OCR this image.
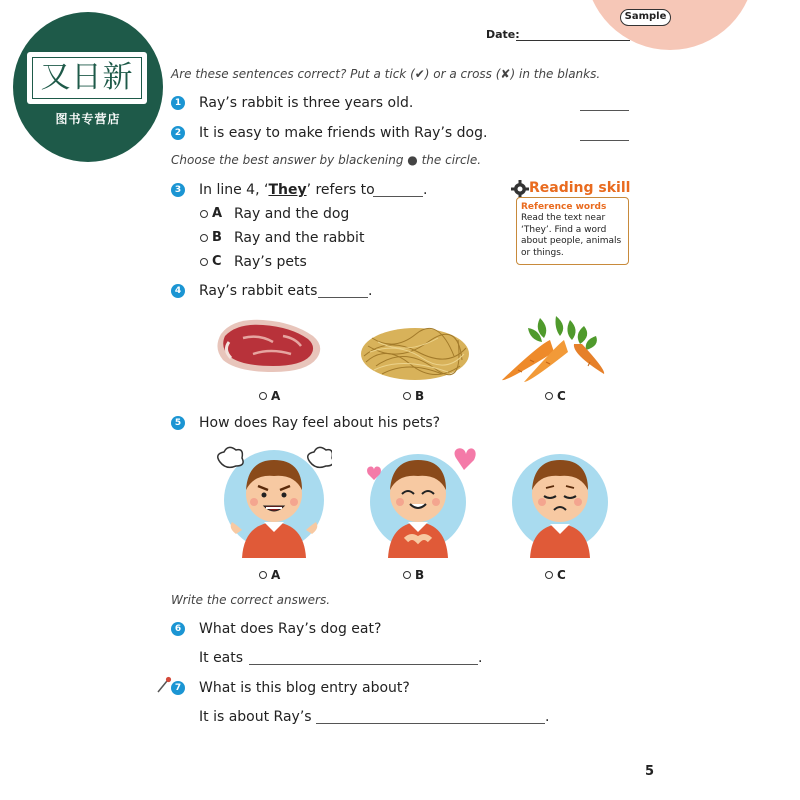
Sample
Date:
又日新
图书专营店
Are these sentences correct? Put a tick (✔) or a cross (✘) in the blanks.
1 Ray’s rabbit is three years old.
2 It is easy to make friends with Ray’s dog.
Choose the best answer by blackening ● the circle.
3 In line 4, ‘They’ refers to	.
A Ray and the dog
B Ray and the rabbit
C Ray’s pets
Reading skill
Reference words
Read the text near ‘They’. Find a word about people, animals or things.
4 Ray’s rabbit eats	.
A	B	C
5 How does Ray feel about his pets?
A	B	C
Write the correct answers.
6 What does Ray’s dog eat?
It eats	.
7 What is this blog entry about?
It is about Ray’s	.
5
